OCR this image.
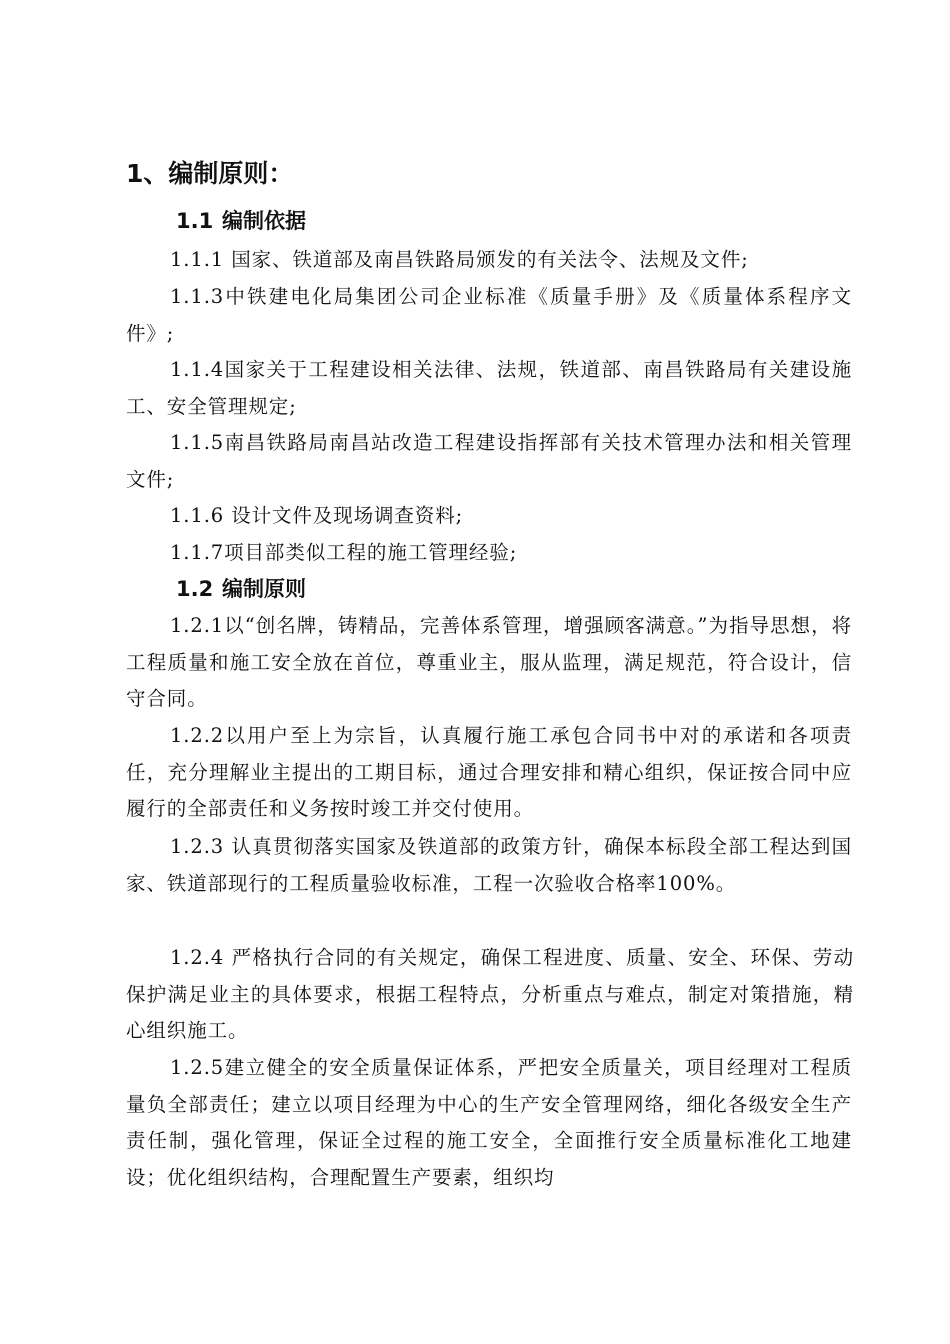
1、编制原则：
1.1 编制依据
1.1.1 国家、铁道部及南昌铁路局颁发的有关法令、法规及文件;
1.1.3中铁建电化局集团公司企业标准《质量手册》及《质量体系程序文件》;
1.1.4国家关于工程建设相关法律、法规，铁道部、南昌铁路局有关建设施工、安全管理规定;
1.1.5南昌铁路局南昌站改造工程建设指挥部有关技术管理办法和相关管理文件;
1.1.6 设计文件及现场调查资料;
1.1.7项目部类似工程的施工管理经验;
1.2 编制原则
1.2.1以“创名牌，铸精品，完善体系管理，增强顾客满意。”为指导思想，将工程质量和施工安全放在首位，尊重业主，服从监理，满足规范，符合设计，信守合同。
1.2.2以用户至上为宗旨，认真履行施工承包合同书中对的承诺和各项责任，充分理解业主提出的工期目标，通过合理安排和精心组织，保证按合同中应履行的全部责任和义务按时竣工并交付使用。
1.2.3 认真贯彻落实国家及铁道部的政策方针，确保本标段全部工程达到国家、铁道部现行的工程质量验收标准，工程一次验收合格率100%。
1.2.4 严格执行合同的有关规定，确保工程进度、质量、安全、环保、劳动保护满足业主的具体要求，根据工程特点，分析重点与难点，制定对策措施，精心组织施工。
1.2.5建立健全的安全质量保证体系，严把安全质量关，项目经理对工程质量负全部责任；建立以项目经理为中心的生产安全管理网络，细化各级安全生产责任制，强化管理，保证全过程的施工安全，全面推行安全质量标准化工地建设；优化组织结构，合理配置生产要素，组织均
